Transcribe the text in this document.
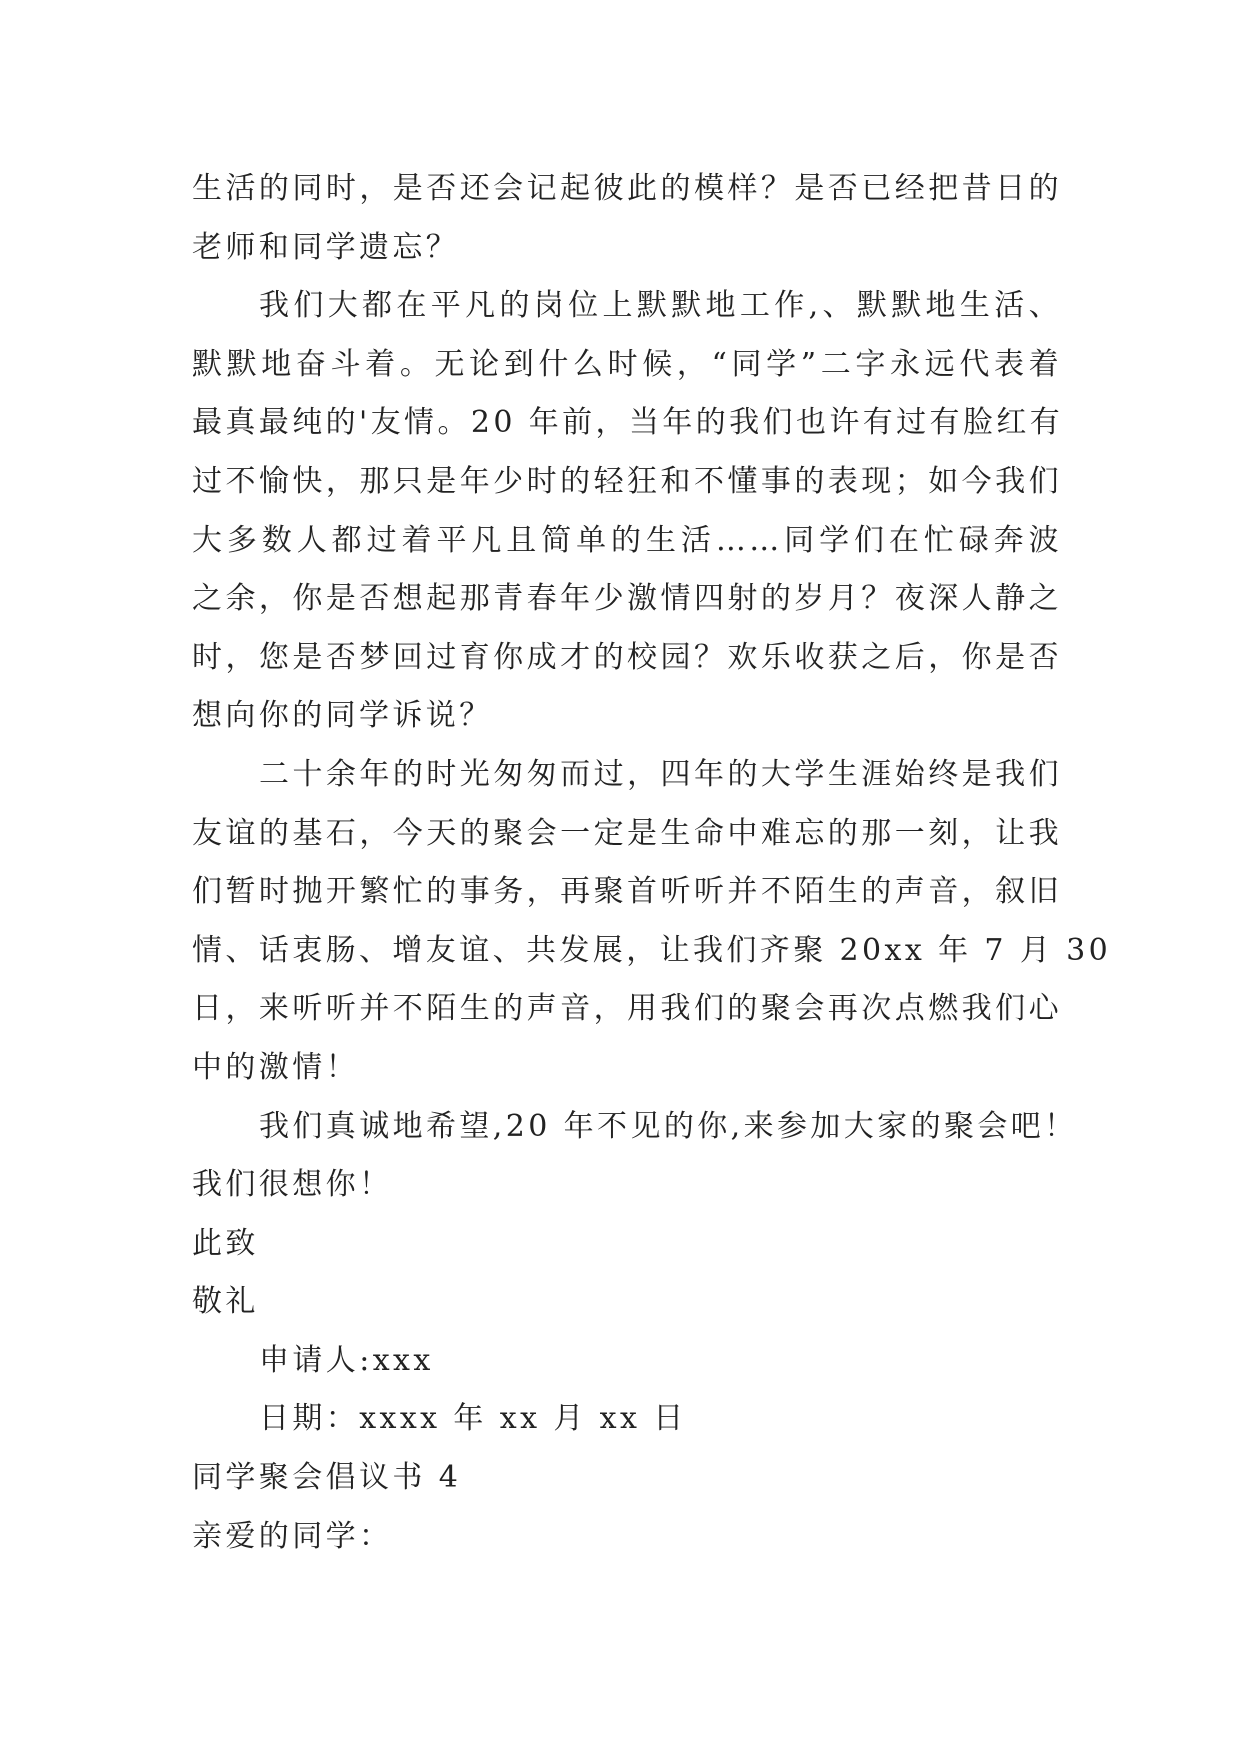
生活的同时，是否还会记起彼此的模样？是否已经把昔日的
老师和同学遗忘？
我们大都在平凡的岗位上默默地工作,、默默地生活、
默默地奋斗着。无论到什么时候，“同学”二字永远代表着
最真最纯的'友情。20 年前，当年的我们也许有过有脸红有
过不愉快，那只是年少时的轻狂和不懂事的表现；如今我们
大多数人都过着平凡且简单的生活……同学们在忙碌奔波
之余，你是否想起那青春年少激情四射的岁月？夜深人静之
时，您是否梦回过育你成才的校园？欢乐收获之后，你是否
想向你的同学诉说？
二十余年的时光匆匆而过，四年的大学生涯始终是我们
友谊的基石，今天的聚会一定是生命中难忘的那一刻，让我
们暂时抛开繁忙的事务，再聚首听听并不陌生的声音，叙旧
情、话衷肠、增友谊、共发展，让我们齐聚 20xx 年 7 月 30
日，来听听并不陌生的声音，用我们的聚会再次点燃我们心
中的激情！
我们真诚地希望,20 年不见的你,来参加大家的聚会吧！
我们很想你！
此致
敬礼
申请人:xxx
日期：xxxx 年 xx 月 xx 日
同学聚会倡议书 4
亲爱的同学：
